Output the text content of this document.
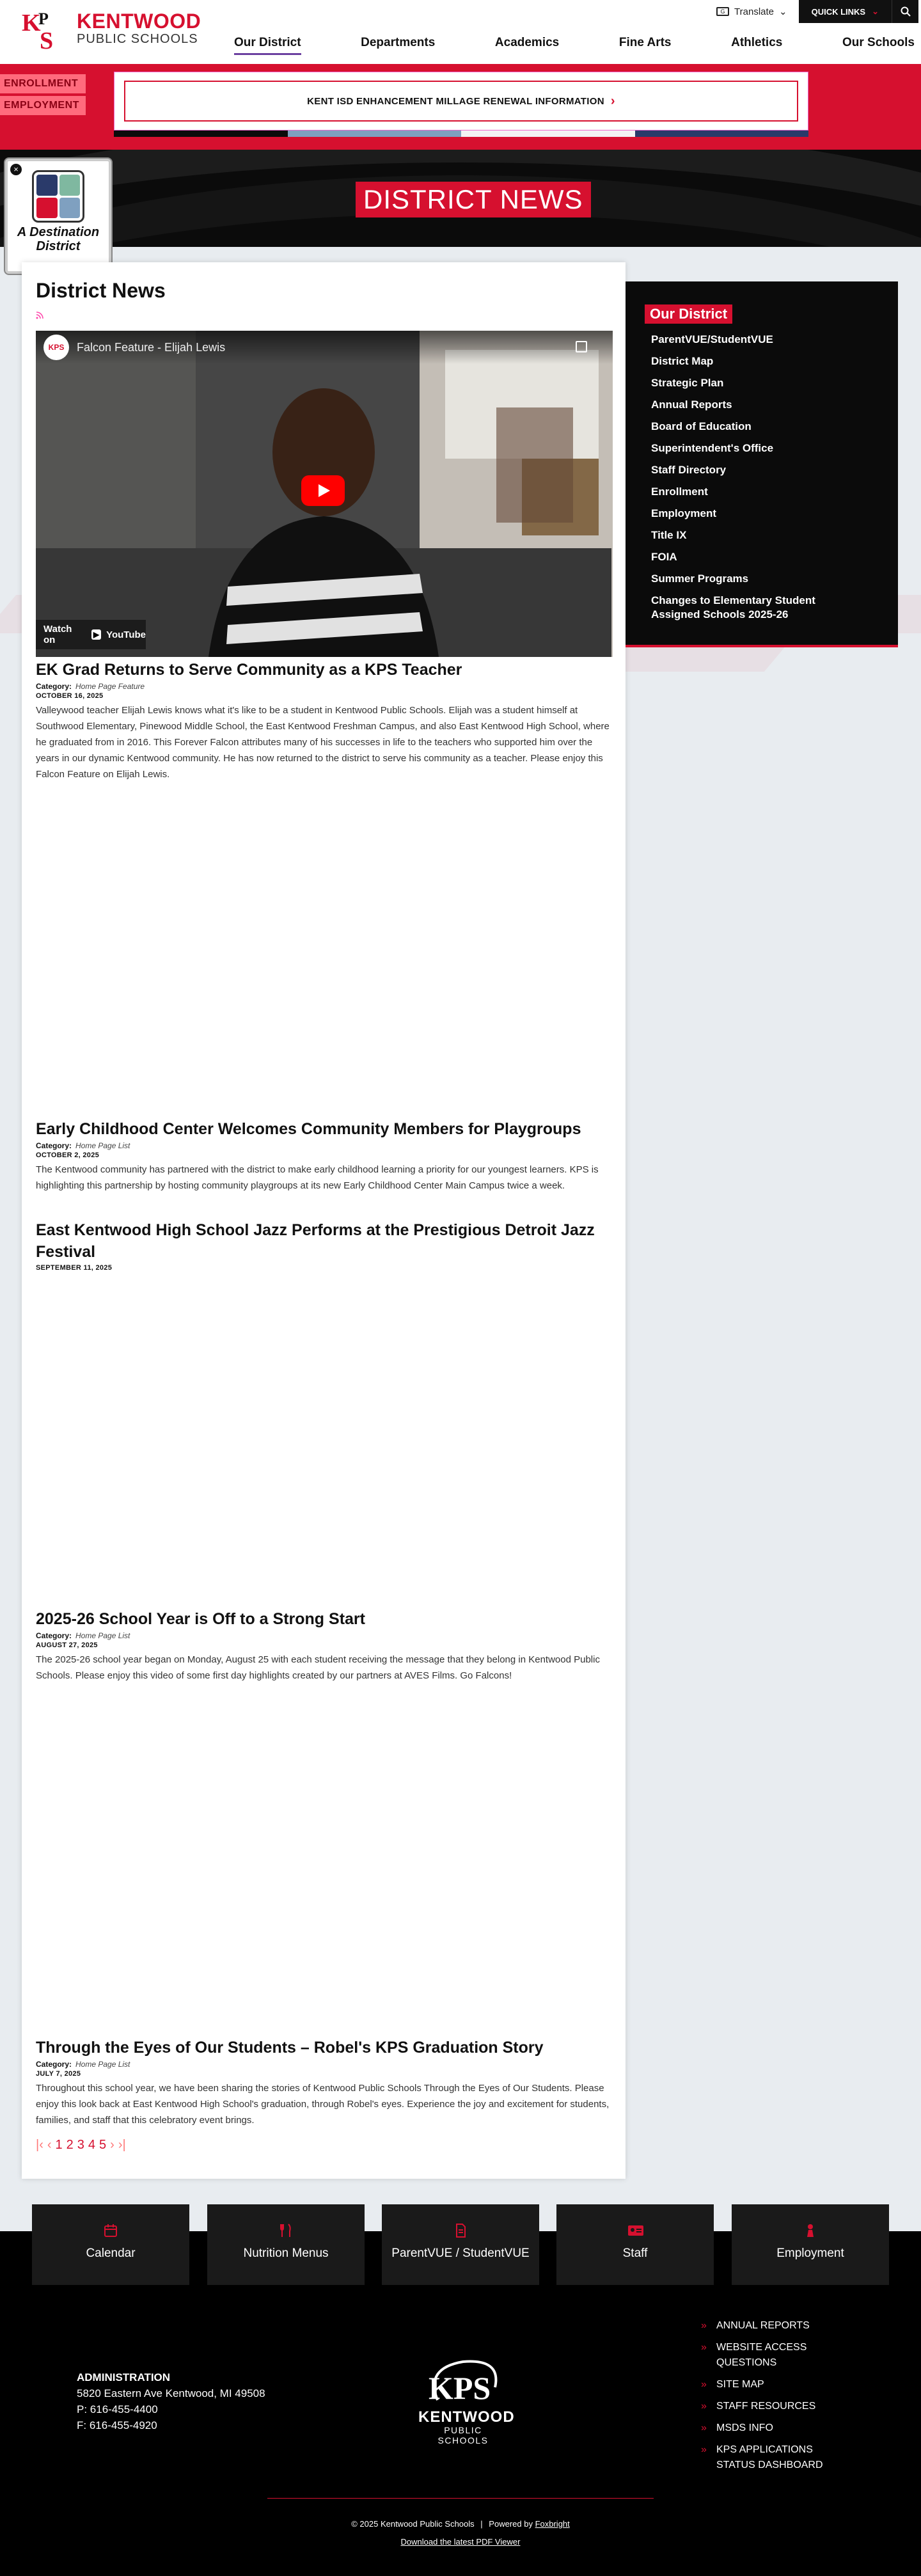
K
P
S
KENTWOOD
PUBLIC SCHOOLS
G Translate ⌄	QUICK LINKS ⌄
Our District	Departments	Academics	Fine Arts	Athletics	Our Schools
ENROLLMENT
EMPLOYMENT	KENT ISD ENHANCEMENT MILLAGE RENEWAL INFORMATION ›
DISTRICT NEWS
×
A Destination
District
District News
KPS	Falcon Feature - Elijah Lewis
Watch on	▶ YouTube
EK Grad Returns to Serve Community as a KPS Teacher
Category: Home Page Feature
OCTOBER 16, 2025

Valleywood teacher Elijah Lewis knows what it's like to be a student in Kentwood Public Schools. Elijah was a student himself at Southwood Elementary, Pinewood Middle School, the East Kentwood Freshman Campus, and also East Kentwood High School, where he graduated from in 2016. This Forever Falcon attributes many of his successes in life to the teachers who supported him over the years in our dynamic Kentwood community. He has now returned to the district to serve his community as a teacher. Please enjoy this Falcon Feature on Elijah Lewis.

Early Childhood Center Welcomes Community Members for Playgroups
Category: Home Page List
OCTOBER 2, 2025

The Kentwood community has partnered with the district to make early childhood learning a priority for our youngest learners. KPS is highlighting this partnership by hosting community playgroups at its new Early Childhood Center Main Campus twice a week.

East Kentwood High School Jazz Performs at the Prestigious Detroit Jazz Festival
SEPTEMBER 11, 2025
2025-26 School Year is Off to a Strong Start
Category: Home Page List
AUGUST 27, 2025

The 2025-26 school year began on Monday, August 25 with each student receiving the message that they belong in Kentwood Public Schools. Please enjoy this video of some first day highlights created by our partners at AVES Films. Go Falcons!

Through the Eyes of Our Students – Robel's KPS Graduation Story
Category: Home Page List
JULY 7, 2025

Throughout this school year, we have been sharing the stories of Kentwood Public Schools Through the Eyes of Our Students. Please enjoy this look back at East Kentwood High School's graduation, through Robel's eyes. Experience the joy and excitement for students, families, and staff that this celebratory event brings.

|‹ ‹ 1 2 3 4 5 › ›|
Our District
ParentVUE/StudentVUE
District Map
Strategic Plan
Annual Reports
Board of Education
Superintendent's Office
Staff Directory
Enrollment
Employment
Title IX
FOIA
Summer Programs
Changes to Elementary Student Assigned Schools 2025-26
Calendar	Nutrition Menus	ParentVUE / StudentVUE	Staff	Employment
ADMINISTRATION
5820 Eastern Ave Kentwood, MI 49508
P: 616-455-4400
F: 616-455-4920
KPS
KENTWOOD
PUBLIC SCHOOLS
» ANNUAL REPORTS
» WEBSITE ACCESS QUESTIONS
» SITE MAP
» STAFF RESOURCES
» MSDS INFO
» KPS APPLICATIONS STATUS DASHBOARD
© 2025 Kentwood Public Schools | Powered by Foxbright
Download the latest PDF Viewer
